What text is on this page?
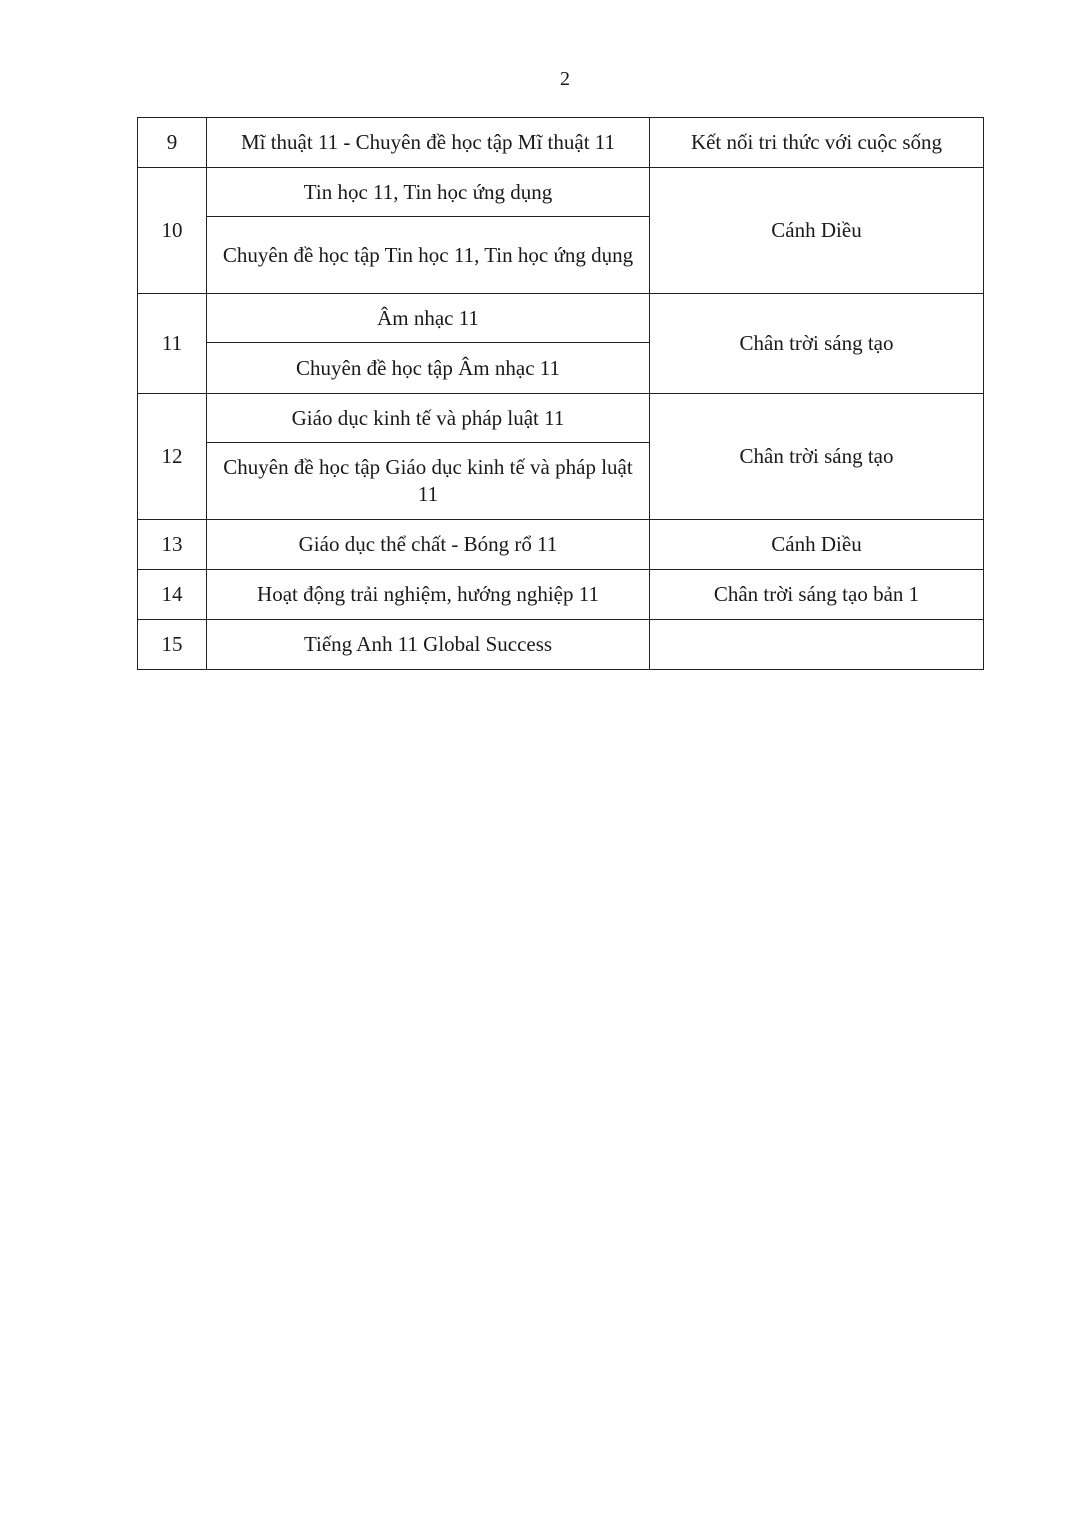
2
9	Mĩ thuật 11 - Chuyên đề học tập Mĩ thuật 11	Kết nối tri thức với cuộc sống
10	Tin học 11, Tin học ứng dụng	Cánh Diều
	Chuyên đề học tập Tin học 11, Tin học ứng dụng	
11	Âm nhạc 11	Chân trời sáng tạo
	Chuyên đề học tập Âm nhạc 11	
12	Giáo dục kinh tế và pháp luật 11	Chân trời sáng tạo
	Chuyên đề học tập Giáo dục kinh tế và pháp luật 11	
13	Giáo dục thể chất - Bóng rổ 11	Cánh Diều
14	Hoạt động trải nghiệm, hướng nghiệp 11	Chân trời sáng tạo bản 1
15	Tiếng Anh 11 Global Success	
